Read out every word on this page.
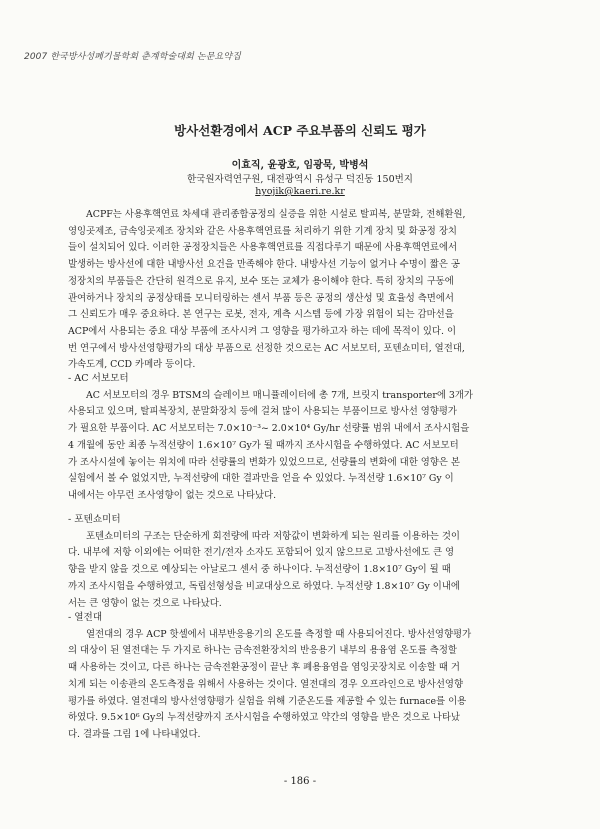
2007 한국방사성폐기물학회 춘계학술대회 논문요약집
방사선환경에서 ACP 주요부품의 신뢰도 평가
이효직, 윤광호, 임광묵, 박병석
한국원자력연구원, 대전광역시 유성구 덕진동 150번지
hyojik@kaeri.re.kr
ACPF는 사용후핵연료 차세대 관리종합공정의 실증을 위한 시설로 탈피복, 분말화, 전해환원,
영잉곳제조, 금속잉곳제조 장치와 같은 사용후핵연료를 처리하기 위한 기계 장치 및 화공정 장치
들이 설치되어 있다. 이러한 공정장치들은 사용후핵연료를 직접다루기 때문에 사용후핵연료에서
발생하는 방사선에 대한 내방사선 요건을 만족해야 한다. 내방사선 기능이 없거나 수명이 짧은 공
정장치의 부품들은 간단히 원격으로 유지, 보수 또는 교체가 용이해야 한다. 특히 장치의 구동에
관여하거나 장치의 공정상태를 모니터링하는 센서 부품 등은 공정의 생산성 및 효율성 측면에서
그 신뢰도가 매우 중요하다. 본 연구는 로봇, 전자, 계측 시스템 등에 가장 위험이 되는 감마선을
ACP에서 사용되는 중요 대상 부품에 조사시켜 그 영향을 평가하고자 하는 데에 목적이 있다. 이
번 연구에서 방사선영향평가의 대상 부품으로 선정한 것으로는 AC 서보모터, 포텐쇼미터, 열전대,
가속도계, CCD 카메라 등이다.
- AC 서보모터
AC 서보모터의 경우 BTSM의 슬레이브 매니퓰레이터에 총 7개, 브릿지 transporter에 3개가
사용되고 있으며, 탈피복장치, 분말화장치 등에 걸쳐 많이 사용되는 부품이므로 방사선 영향평가
가 필요한 부품이다. AC 서보모터는 7.0×10⁻³~ 2.0×10⁴ Gy/hr 선량률 범위 내에서 조사시험을
4 개월에 동안 최종 누적선량이 1.6×10⁷ Gy가 될 때까지 조사시험을 수행하였다. AC 서보모터
가 조사시설에 놓이는 위치에 따라 선량률의 변화가 있었으므로, 선량률의 변화에 대한 영향은 본
실험에서 볼 수 없었지만, 누적선량에 대한 결과만을 얻을 수 있었다. 누적선량 1.6×10⁷ Gy 이
내에서는 아무런 조사영향이 없는 것으로 나타났다.
- 포텐쇼미터
포텐쇼미터의 구조는 단순하게 회전량에 따라 저항값이 변화하게 되는 원리를 이용하는 것이
다. 내부에 저항 이외에는 어떠한 전기/전자 소자도 포함되어 있지 않으므로 고방사선에도 큰 영
향을 받지 않을 것으로 예상되는 아날로그 센서 중 하나이다. 누적선량이 1.8×10⁷ Gy이 될 때
까지 조사시험을 수행하였고, 독립선형성을 비교대상으로 하였다. 누적선량 1.8×10⁷ Gy 이내에
서는 큰 영향이 없는 것으로 나타났다.
- 열전대
열전대의 경우 ACP 핫셀에서 내부반응용기의 온도를 측정할 때 사용되어진다. 방사선영향평가
의 대상이 된 열전대는 두 가지로 하나는 금속전환장치의 반응용기 내부의 용융염 온도를 측정할
때 사용하는 것이고, 다른 하나는 금속전환공정이 끝난 후 폐용융염을 염잉곳장치로 이송할 때 거
치게 되는 이송관의 온도측정을 위해서 사용하는 것이다. 열전대의 경우 오프라인으로 방사선영향
평가를 하였다. 열전대의 방사선영향평가 실험을 위해 기준온도를 제공할 수 있는 furnace를 이용
하였다. 9.5×10⁶ Gy의 누적선량까지 조사시험을 수행하였고 약간의 영향을 받은 것으로 나타났
다. 결과를 그림 1에 나타내었다.
- 186 -
